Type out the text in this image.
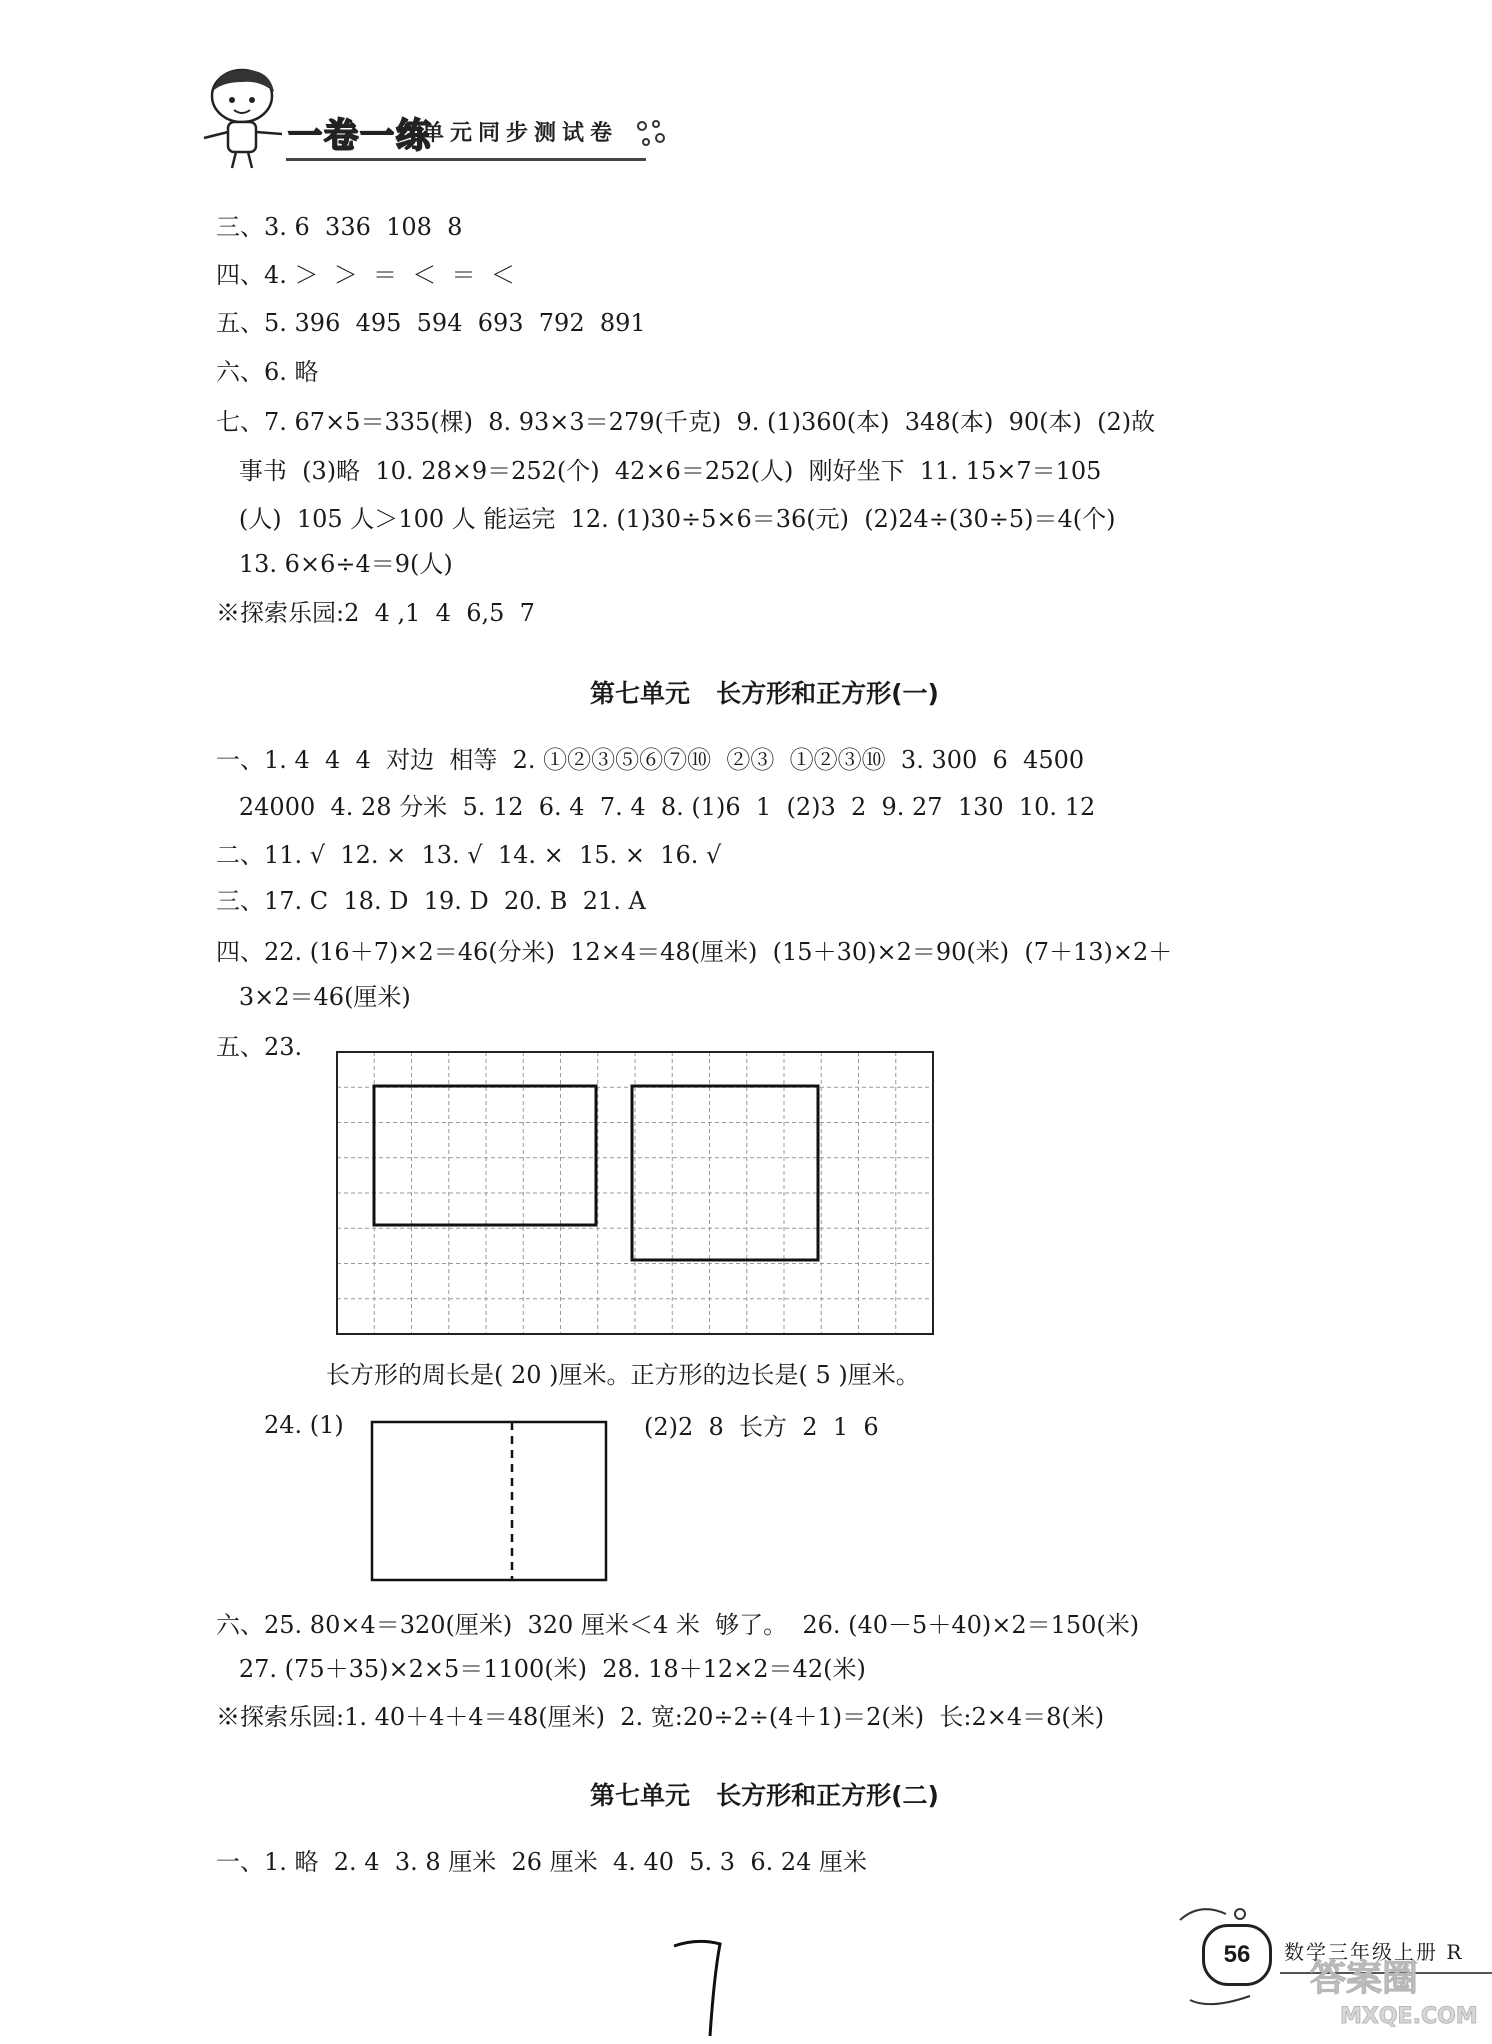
一卷一练
单元同步测试卷
三、3. 6  336  108  8
四、4. ＞  ＞  ＝  ＜  ＝  ＜
五、5. 396  495  594  693  792  891
六、6. 略
七、7. 67×5＝335(棵)  8. 93×3＝279(千克)  9. (1)360(本)  348(本)  90(本)  (2)故
事书  (3)略  10. 28×9＝252(个)  42×6＝252(人)  刚好坐下  11. 15×7＝105
(人)  105 人＞100 人 能运完  12. (1)30÷5×6＝36(元)  (2)24÷(30÷5)＝4(个)
13. 6×6÷4＝9(人)
※探索乐园:2  4 ,1  4  6,5  7
第七单元   长方形和正方形(一)
一、1. 4  4  4  对边  相等  2. ①②③⑤⑥⑦⑩  ②③  ①②③⑩  3. 300  6  4500
24000  4. 28 分米  5. 12  6. 4  7. 4  8. (1)6  1  (2)3  2  9. 27  130  10. 12
二、11. √  12. ×  13. √  14. ×  15. ×  16. √
三、17. C  18. D  19. D  20. B  21. A
四、22. (16＋7)×2＝46(分米)  12×4＝48(厘米)  (15＋30)×2＝90(米)  (7＋13)×2＋
3×2＝46(厘米)
五、23.
长方形的周长是( 20 )厘米。正方形的边长是( 5 )厘米。
24. (1)	(2)2  8  长方  2  1  6
六、25. 80×4＝320(厘米)  320 厘米＜4 米  够了。  26. (40－5＋40)×2＝150(米)
27. (75＋35)×2×5＝1100(米)  28. 18＋12×2＝42(米)
※探索乐园:1. 40＋4＋4＝48(厘米)  2. 宽:20÷2÷(4＋1)＝2(米)  长:2×4＝8(米)
第七单元   长方形和正方形(二)
一、1. 略  2. 4  3. 8 厘米  26 厘米  4. 40  5. 3  6. 24 厘米
56	数学三年级上册 R
答案圈
MXQE.COM
